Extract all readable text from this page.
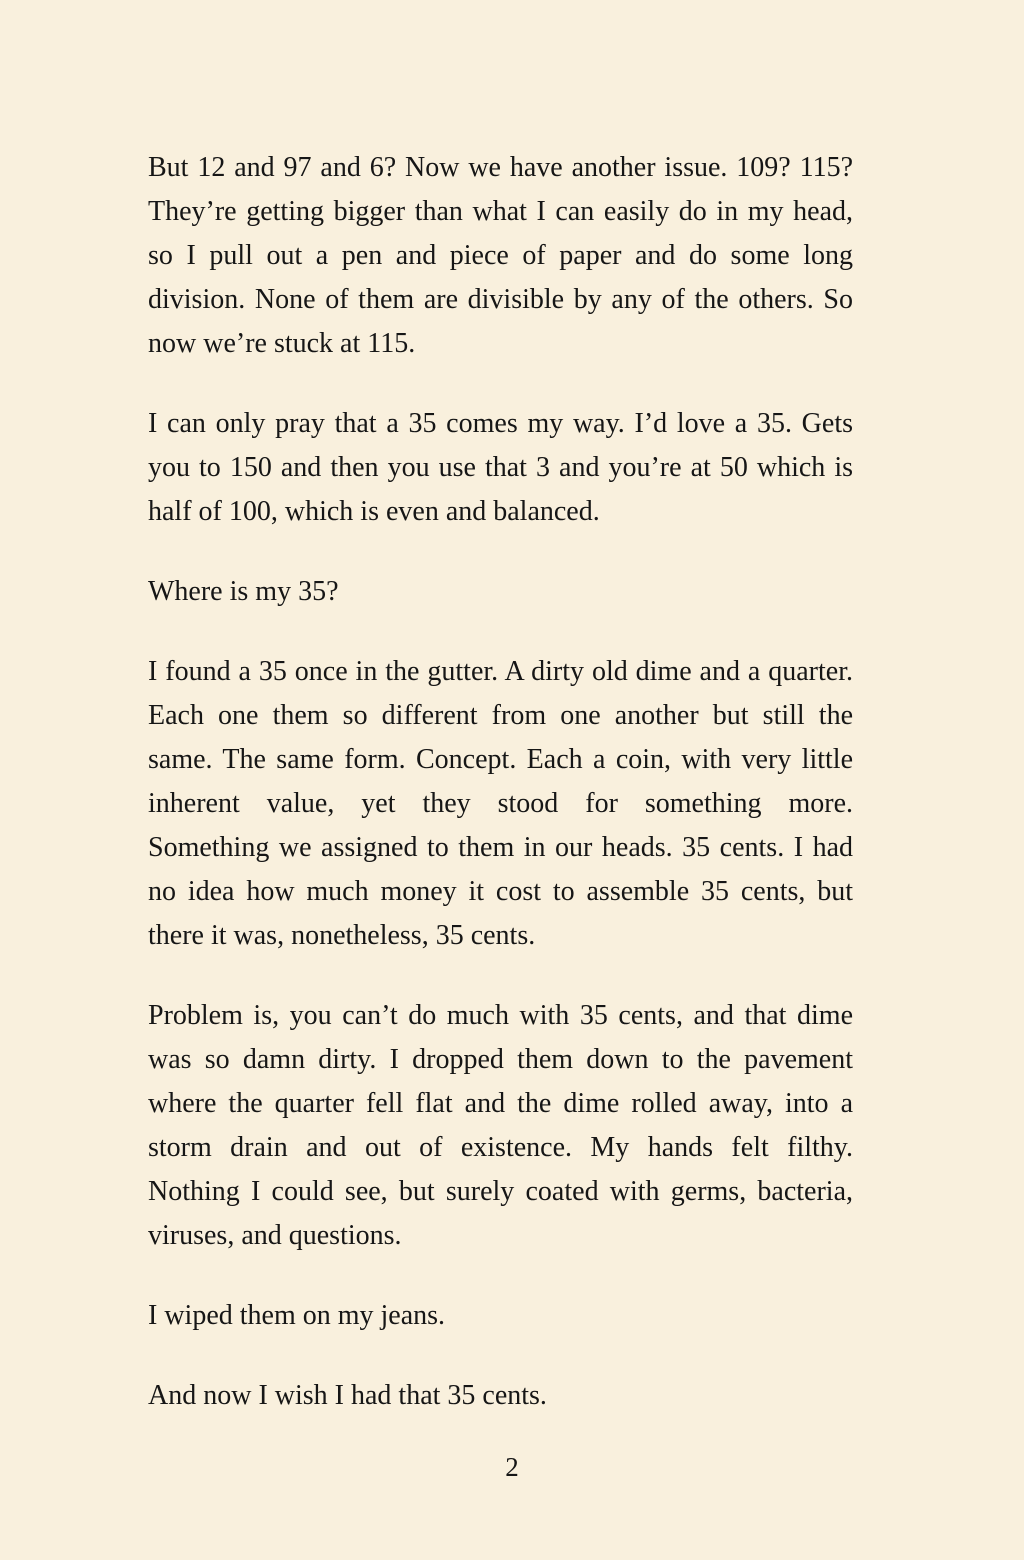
But 12 and 97 and 6? Now we have another issue. 109? 115?
They’re getting bigger than what I can easily do in my head,
so I pull out a pen and piece of paper and do some long
division. None of them are divisible by any of the others. So
now we’re stuck at 115.

I can only pray that a 35 comes my way. I’d love a 35. Gets
you to 150 and then you use that 3 and you’re at 50 which is
half of 100, which is even and balanced.

Where is my 35?

I found a 35 once in the gutter. A dirty old dime and a quarter.
Each one them so different from one another but still the
same. The same form. Concept. Each a coin, with very little
inherent value, yet they stood for something more.
Something we assigned to them in our heads. 35 cents. I had
no idea how much money it cost to assemble 35 cents, but
there it was, nonetheless, 35 cents.

Problem is, you can’t do much with 35 cents, and that dime
was so damn dirty. I dropped them down to the pavement
where the quarter fell flat and the dime rolled away, into a
storm drain and out of existence. My hands felt filthy.
Nothing I could see, but surely coated with germs, bacteria,
viruses, and questions.

I wiped them on my jeans.

And now I wish I had that 35 cents.

2
